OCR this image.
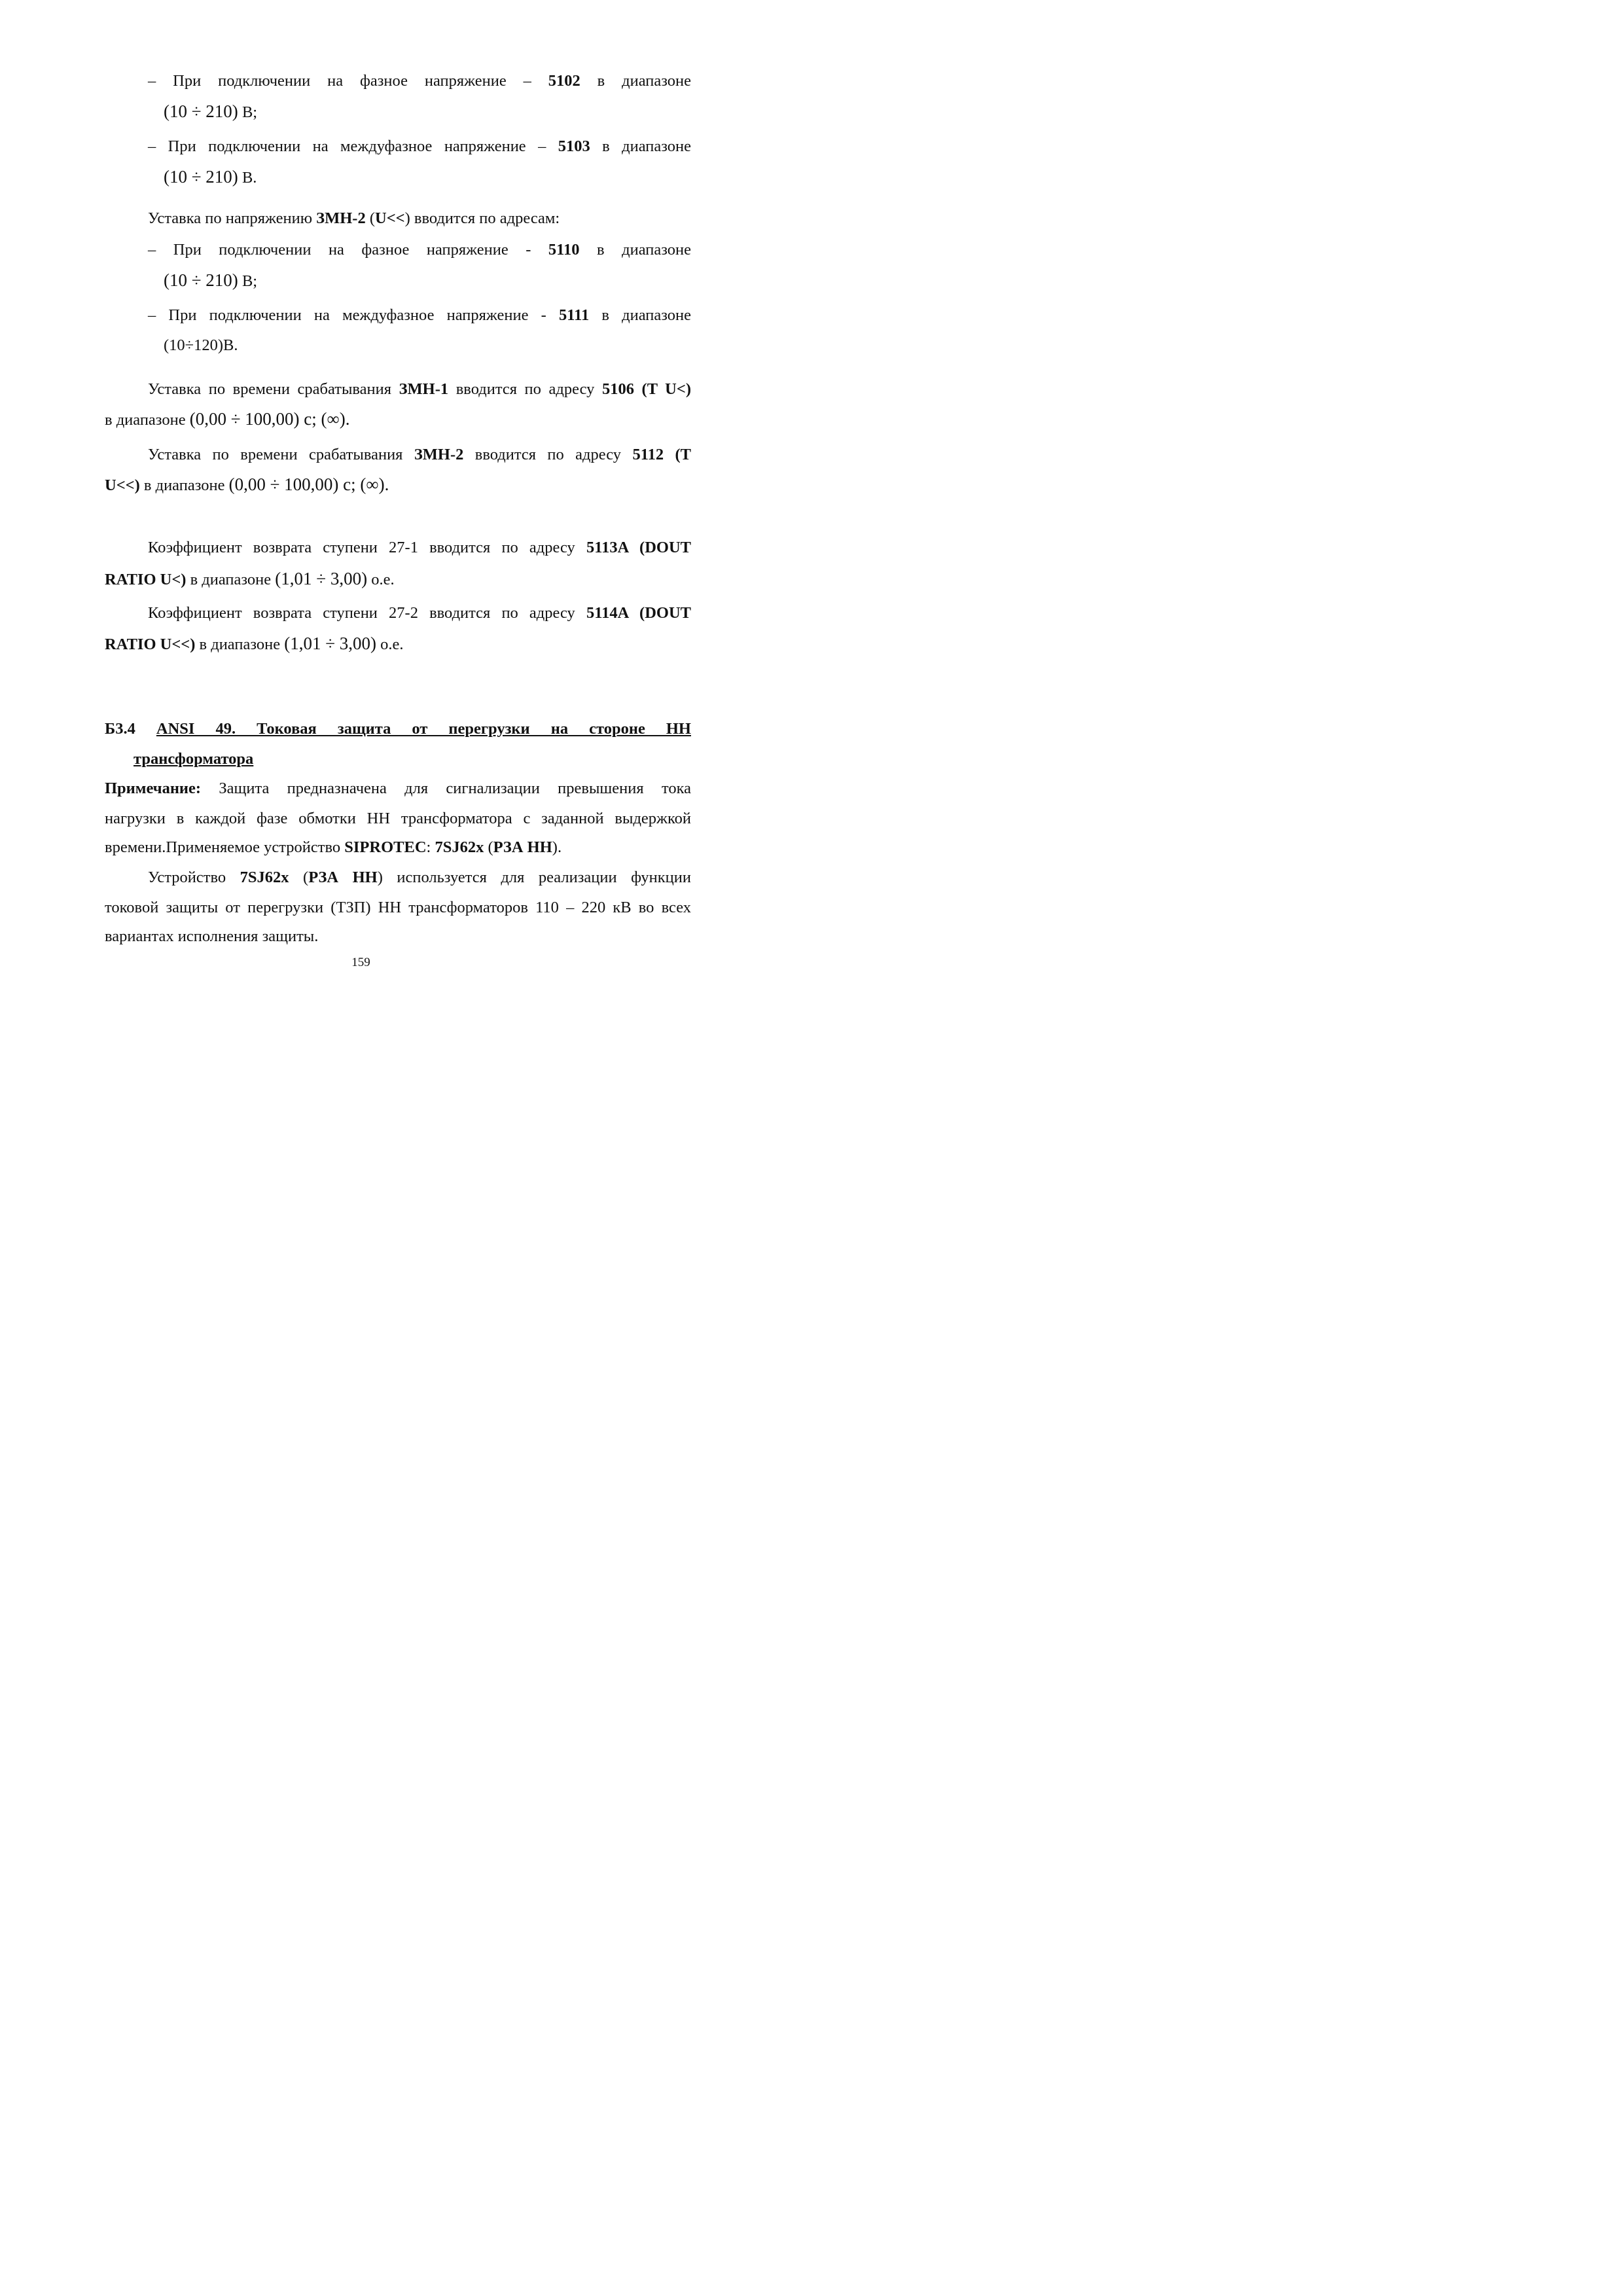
– При подключении на фазное напряжение – 5102 в диапазоне

(10 ÷ 210) В;

– При подключении на междуфазное напряжение – 5103 в диапазоне

(10 ÷ 210) В.

Уставка по напряжению ЗМН-2 (U<<) вводится по адресам:

– При подключении на фазное напряжение - 5110 в диапазоне

(10 ÷ 210) В;

– При подключении на междуфазное напряжение - 5111 в диапазоне

(10÷120)В.

Уставка по времени срабатывания ЗМН-1 вводится по адресу 5106 (T U<)

в диапазоне (0,00 ÷ 100,00) с; (∞).

Уставка по времени срабатывания ЗМН-2 вводится по адресу 5112 (T

U<<) в диапазоне (0,00 ÷ 100,00) с; (∞).

Коэффициент возврата ступени 27-1 вводится по адресу 5113A (DOUT

RATIO U<) в диапазоне (1,01 ÷ 3,00) о.е.

Коэффициент возврата ступени 27-2 вводится по адресу 5114A (DOUT

RATIO U<<) в диапазоне (1,01 ÷ 3,00) о.е.

Б3.4 ANSI 49. Токовая защита от перегрузки на стороне НН

трансформатора

Примечание: Защита предназначена для сигнализации превышения тока

нагрузки в каждой фазе обмотки НН трансформатора с заданной выдержкой

времени.Применяемое устройство SIPROTEC: 7SJ62x (РЗА НН).

Устройство 7SJ62x (РЗА НН) используется для реализации функции

токовой защиты от перегрузки (ТЗП) НН трансформаторов 110 – 220 кВ во всех

вариантах исполнения защиты.

159
